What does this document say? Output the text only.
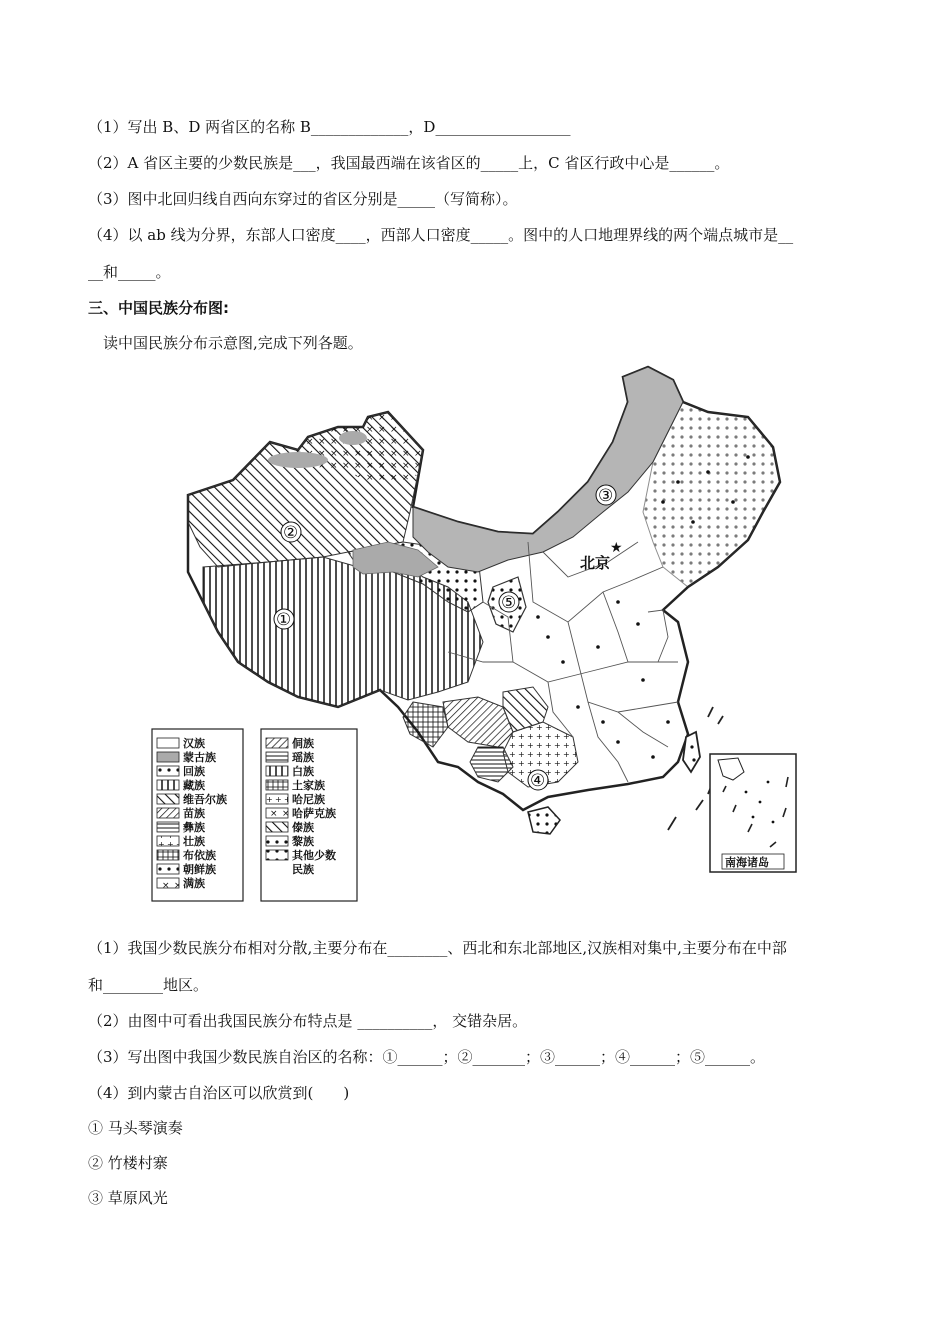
（1）写出 B、D 两省区的名称 B_____________，D__________________
（2）A 省区主要的少数民族是___，我国最西端在该省区的_____上，C 省区行政中心是______。
（3）图中北回归线自西向东穿过的省区分别是_____（写简称）。
（4）以 ab 线为分界，东部人口密度____，西部人口密度_____。图中的人口地理界线的两个端点城市是__
__和_____。
三、中国民族分布图:
读中国民族分布示意图,完成下列各题。
★
北京
①
②
③
④
⑤
汉族
蒙古族
回族
藏族
维吾尔族
苗族
彝族
壮族
布依族
朝鲜族
满族
侗族
瑶族
白族
土家族
哈尼族
哈萨克族
傣族
黎族
其他少数
民族
南海诸岛
（1）我国少数民族分布相对分散,主要分布在________、西北和东北部地区,汉族相对集中,主要分布在中部
和________地区。
（2）由图中可看出我国民族分布特点是 __________， 交错杂居。
（3）写出图中我国少数民族自治区的名称：①______；②_______；③______；④______；⑤______。
（4）到内蒙古自治区可以欣赏到(　　)
① 马头琴演奏
② 竹楼村寨
③ 草原风光
